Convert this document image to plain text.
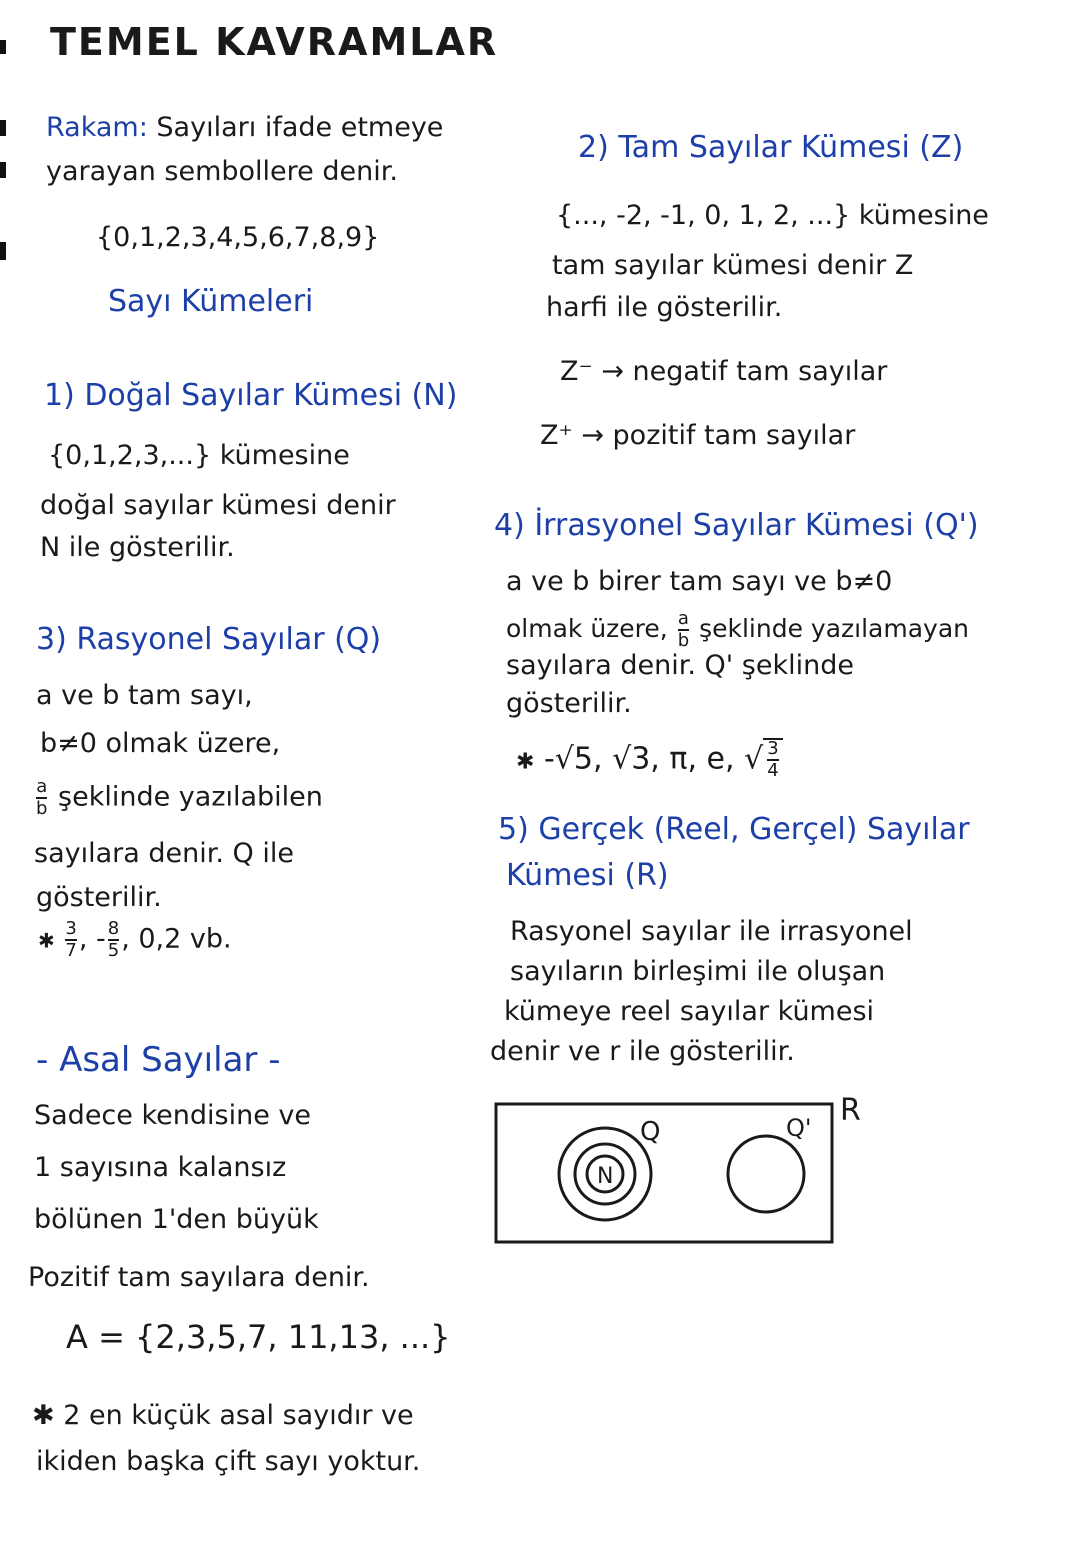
TEMEL KAVRAMLAR
Rakam: Sayıları ifade etmeye
yarayan sembollere denir.
{0,1,2,3,4,5,6,7,8,9}
Sayı Kümeleri
1) Doğal Sayılar Kümesi (N)
{0,1,2,3,...} kümesine
doğal sayılar kümesi denir
N ile gösterilir.
3) Rasyonel Sayılar (Q)
a ve b tam sayı,
b≠0 olmak üzere,
$\frac{a}{b}$ şeklinde yazılabilen
sayılara denir. Q ile
gösterilir.
✱ $\frac{3}{7}$ , - $\frac{8}{5}$ , 0,2 vb.
- Asal Sayılar -
Sadece kendisine ve
1 sayısına kalansız
bölünen 1'den büyük
Pozitif tam sayılara denir.
A = {2,3,5,7, 11,13, ...}
✱ 2 en küçük asal sayıdır ve
ikiden başka çift sayı yoktur.
2) Tam Sayılar Kümesi (Z)
{..., -2, -1, 0, 1, 2, ...} kümesine
tam sayılar kümesi denir Z
harfi ile gösterilir.
Z⁻ → negatif tam sayılar
Z⁺ → pozitif tam sayılar
4) İrrasyonel Sayılar Kümesi (Q')
a ve b birer tam sayı ve b≠0
olmak üzere, $\frac{a}{b}$ şeklinde yazılamayan
sayılara denir. Q' şeklinde
gösterilir.
✱ -√5, √3, π, e, √ $\frac{3}{4}$
5) Gerçek (Reel, Gerçel) Sayılar
Kümesi (R)
Rasyonel sayılar ile irrasyonel
sayıların birleşimi ile oluşan
kümeye reel sayılar kümesi
denir ve r ile gösterilir.
R
Q
N
Q'
